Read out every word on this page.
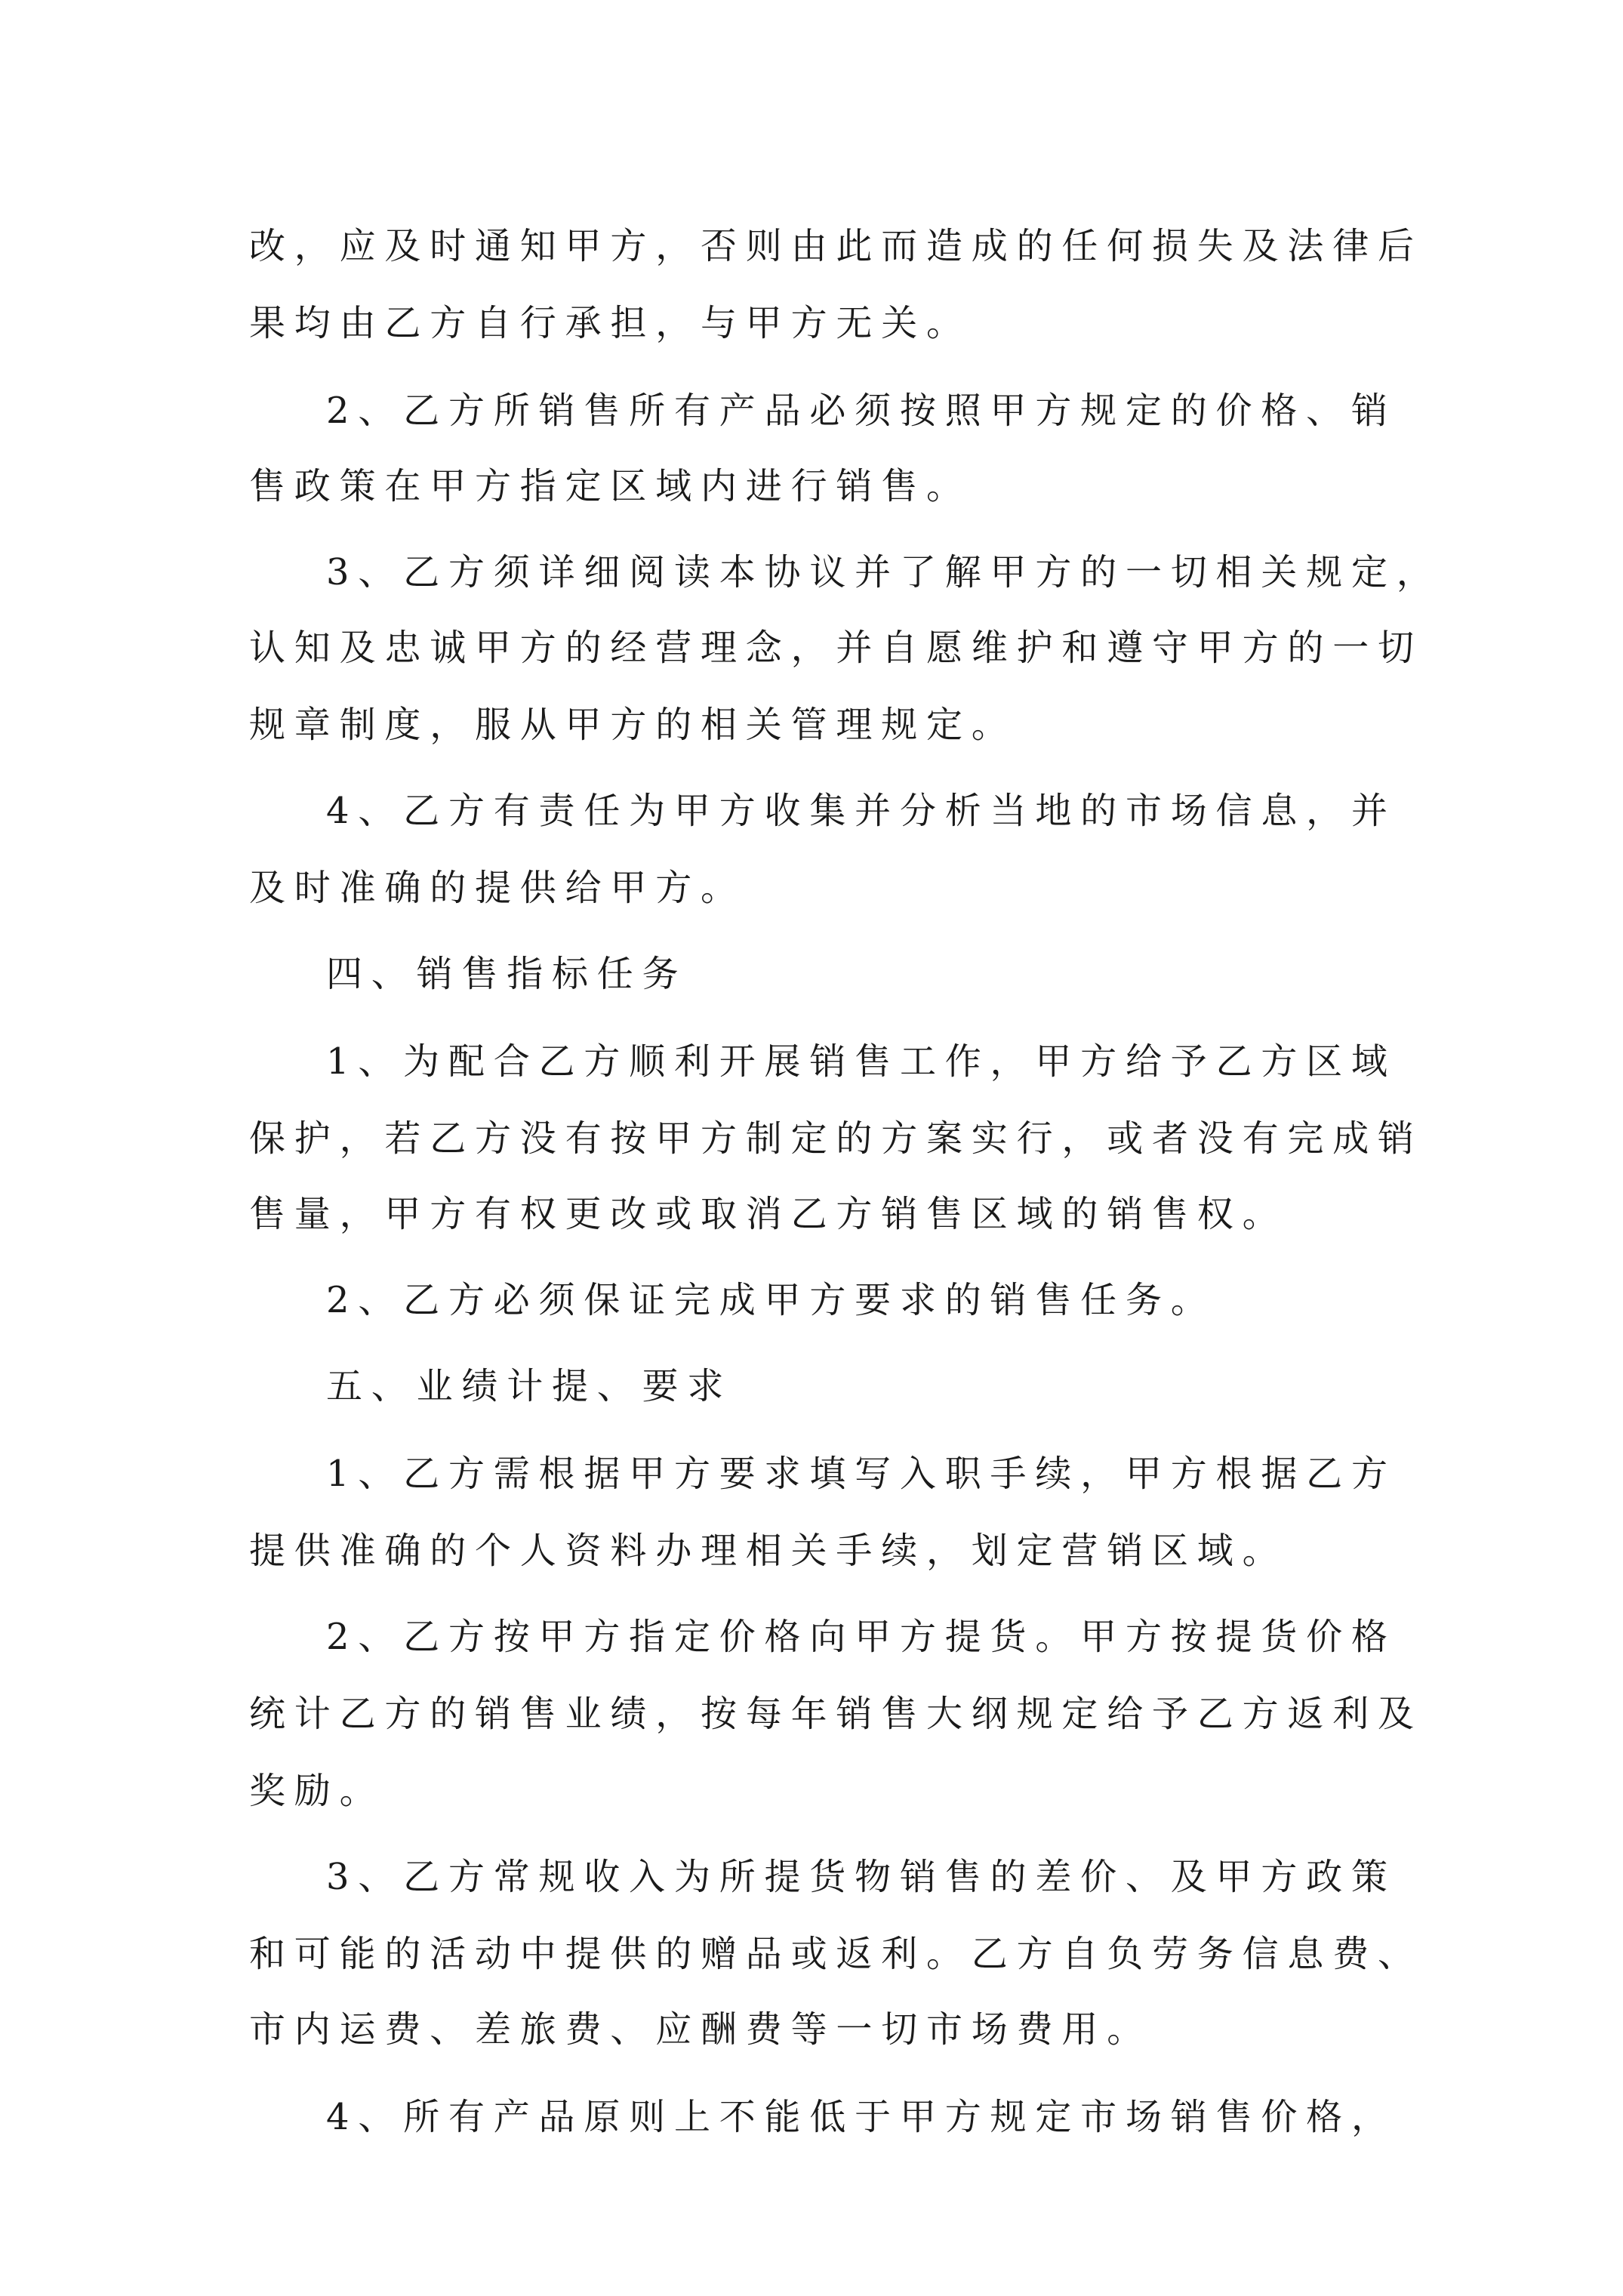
改，应及时通知甲方，否则由此而造成的任何损失及法律后
果均由乙方自行承担，与甲方无关。
2、乙方所销售所有产品必须按照甲方规定的价格、销
售政策在甲方指定区域内进行销售。
3、乙方须详细阅读本协议并了解甲方的一切相关规定，
认知及忠诚甲方的经营理念，并自愿维护和遵守甲方的一切
规章制度，服从甲方的相关管理规定。
4、乙方有责任为甲方收集并分析当地的市场信息，并
及时准确的提供给甲方。
四、销售指标任务
1、为配合乙方顺利开展销售工作，甲方给予乙方区域
保护，若乙方没有按甲方制定的方案实行，或者没有完成销
售量，甲方有权更改或取消乙方销售区域的销售权。
2、乙方必须保证完成甲方要求的销售任务。
五、业绩计提、要求
1、乙方需根据甲方要求填写入职手续，甲方根据乙方
提供准确的个人资料办理相关手续，划定营销区域。
2、乙方按甲方指定价格向甲方提货。甲方按提货价格
统计乙方的销售业绩，按每年销售大纲规定给予乙方返利及
奖励。
3、乙方常规收入为所提货物销售的差价、及甲方政策
和可能的活动中提供的赠品或返利。乙方自负劳务信息费、
市内运费、差旅费、应酬费等一切市场费用。
4、所有产品原则上不能低于甲方规定市场销售价格，
